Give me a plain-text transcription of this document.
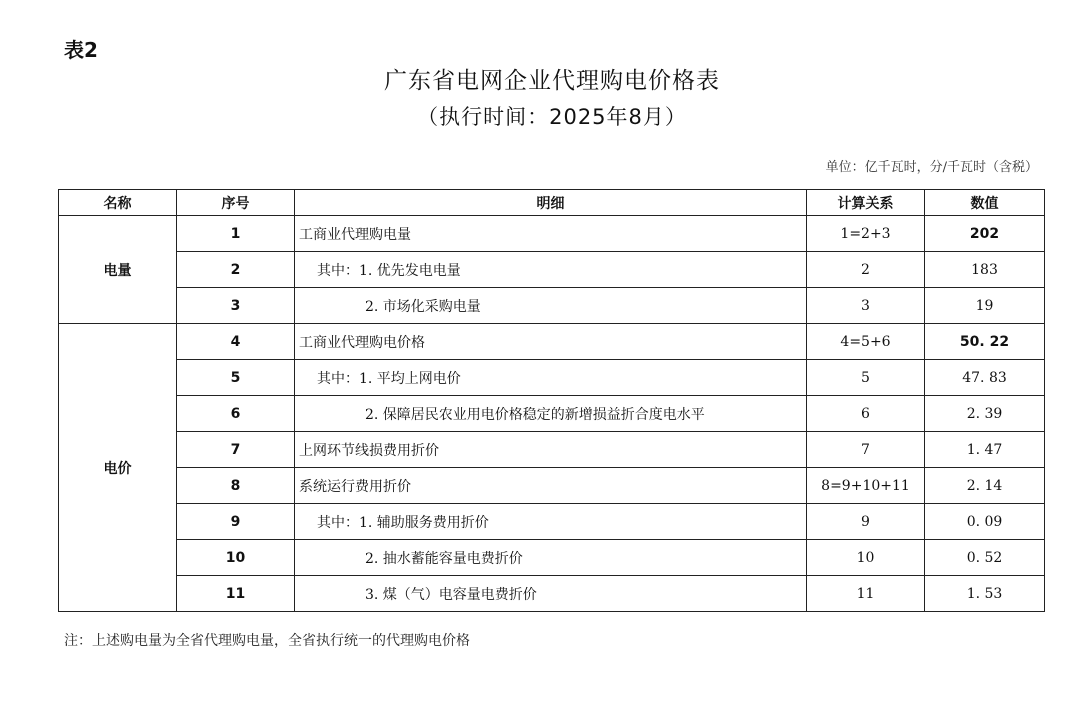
表2
广东省电网企业代理购电价格表
（执行时间：2025年8月）
单位：亿千瓦时，分/千瓦时（含税）
名称	序号	明细	计算关系	数值
电量	1	工商业代理购电量	1=2+3	202
	2	其中：1. 优先发电电量	2	183
	3	2. 市场化采购电量	3	19
电价	4	工商业代理购电价格	4=5+6	50. 22
	5	其中：1. 平均上网电价	5	47. 83
	6	2. 保障居民农业用电价格稳定的新增损益折合度电水平	6	2. 39
	7	上网环节线损费用折价	7	1. 47
	8	系统运行费用折价	8=9+10+11	2. 14
	9	其中：1. 辅助服务费用折价	9	0. 09
	10	2. 抽水蓄能容量电费折价	10	0. 52
	11	3. 煤（气）电容量电费折价	11	1. 53
注：上述购电量为全省代理购电量，全省执行统一的代理购电价格
